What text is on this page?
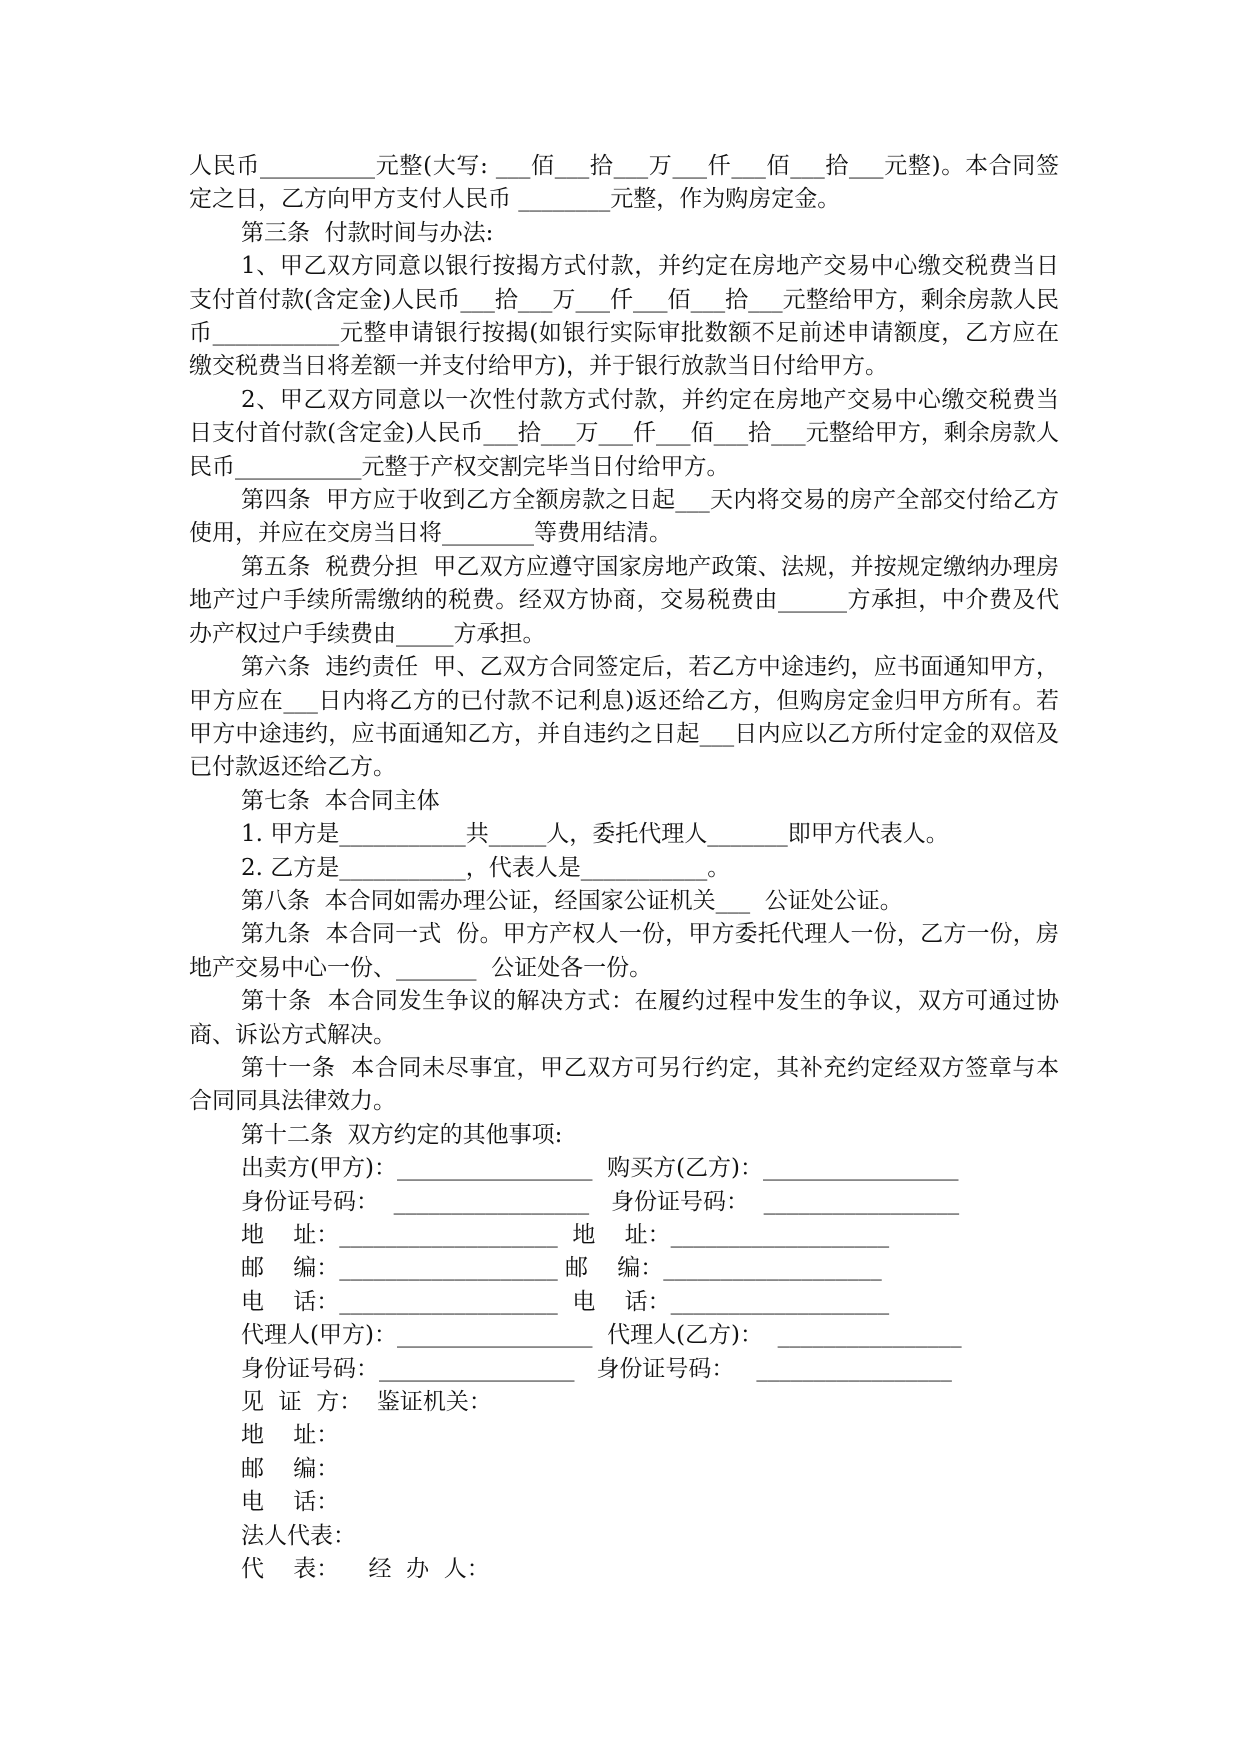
人民币__________元整(大写: ___佰___拾___万___仟___佰___拾___元整)。本合同签定之日，乙方向甲方支付人民币 ________元整，作为购房定金。

第三条  付款时间与办法:

1、甲乙双方同意以银行按揭方式付款，并约定在房地产交易中心缴交税费当日支付首付款(含定金)人民币___拾___万___仟___佰___拾___元整给甲方，剩余房款人民币___________元整申请银行按揭(如银行实际审批数额不足前述申请额度，乙方应在缴交税费当日将差额一并支付给甲方)，并于银行放款当日付给甲方。

2、甲乙双方同意以一次性付款方式付款，并约定在房地产交易中心缴交税费当日支付首付款(含定金)人民币___拾___万___仟___佰___拾___元整给甲方，剩余房款人民币___________元整于产权交割完毕当日付给甲方。

第四条  甲方应于收到乙方全额房款之日起___天内将交易的房产全部交付给乙方使用，并应在交房当日将________等费用结清。

第五条  税费分担  甲乙双方应遵守国家房地产政策、法规，并按规定缴纳办理房地产过户手续所需缴纳的税费。经双方协商，交易税费由______方承担，中介费及代办产权过户手续费由_____方承担。

第六条  违约责任  甲、乙双方合同签定后，若乙方中途违约，应书面通知甲方，甲方应在___日内将乙方的已付款不记利息)返还给乙方，但购房定金归甲方所有。若甲方中途违约，应书面通知乙方，并自违约之日起___日内应以乙方所付定金的双倍及已付款返还给乙方。

第七条  本合同主体

1. 甲方是___________共_____人，委托代理人_______即甲方代表人。

2. 乙方是___________，代表人是___________。

第八条  本合同如需办理公证，经国家公证机关___  公证处公证。

第九条  本合同一式  份。甲方产权人一份，甲方委托代理人一份，乙方一份，房地产交易中心一份、_______  公证处各一份。

第十条  本合同发生争议的解决方式：在履约过程中发生的争议，双方可通过协商、诉讼方式解决。

第十一条  本合同未尽事宜，甲乙双方可另行约定，其补充约定经双方签章与本合同同具法律效力。

第十二条  双方约定的其他事项:

出卖方(甲方)：_________________  购买方(乙方)：_________________

身份证号码：  _________________   身份证号码：  _________________

地    址：___________________  地    址：___________________

邮    编：___________________ 邮    编：___________________

电    话：___________________  电    话：___________________

代理人(甲方)：_________________  代理人(乙方)：  ________________

身份证号码：_________________   身份证号码：   _________________

见  证  方：  鉴证机关：

地    址：

邮    编：

电    话：

法人代表：

代    表：    经  办  人：
